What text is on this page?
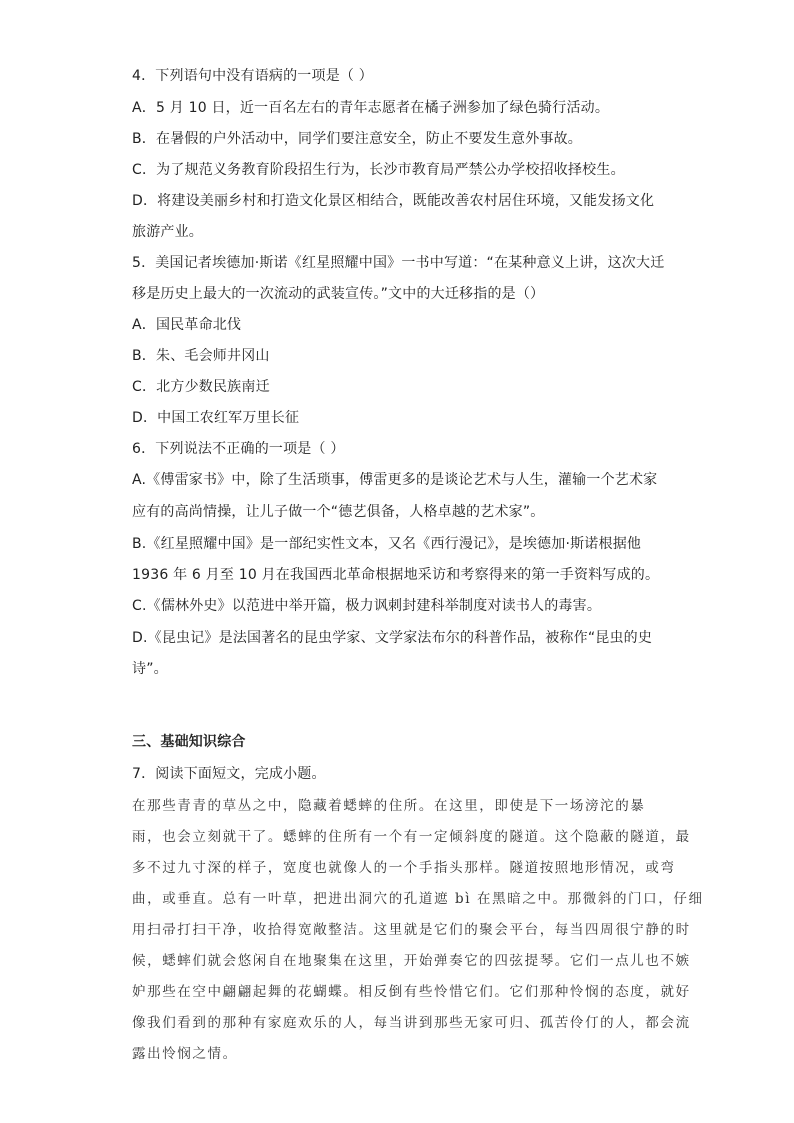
4．下列语句中没有语病的一项是（ ）
A．5 月 10 日，近一百名左右的青年志愿者在橘子洲参加了绿色骑行活动。
B．在暑假的户外活动中，同学们要注意安全，防止不要发生意外事故。
C．为了规范义务教育阶段招生行为，长沙市教育局严禁公办学校招收择校生。
D．将建设美丽乡村和打造文化景区相结合，既能改善农村居住环境，又能发扬文化
旅游产业。
5．美国记者埃德加·斯诺《红星照耀中国》一书中写道：“在某种意义上讲，这次大迁
移是历史上最大的一次流动的武装宣传。”文中的大迁移指的是（）
A．国民革命北伐
B．朱、毛会师井冈山
C．北方少数民族南迁
D．中国工农红军万里长征
6．下列说法不正确的一项是（ ）
A.《傅雷家书》中，除了生活琐事，傅雷更多的是谈论艺术与人生，灌输一个艺术家
应有的高尚情操，让儿子做一个“德艺俱备，人格卓越的艺术家”。
B.《红星照耀中国》是一部纪实性文本，又名《西行漫记》，是埃德加·斯诺根据他
1936 年 6 月至 10 月在我国西北革命根据地采访和考察得来的第一手资料写成的。
C.《儒林外史》以范进中举开篇，极力讽刺封建科举制度对读书人的毒害。
D.《昆虫记》是法国著名的昆虫学家、文学家法布尔的科普作品，被称作“昆虫的史
诗”。
三、基础知识综合
7．阅读下面短文，完成小题。
在那些青青的草丛之中，隐藏着蟋蟀的住所。在这里，即使是下一场滂沱的暴
雨，也会立刻就干了。蟋蟀的住所有一个有一定倾斜度的隧道。这个隐蔽的隧道，最
多不过九寸深的样子，宽度也就像人的一个手指头那样。隧道按照地形情况，或弯
曲，或垂直。总有一叶草，把进出洞穴的孔道遮 bì 在黑暗之中。那微斜的门口，仔细
用扫帚打扫干净，收拾得宽敞整洁。这里就是它们的聚会平台，每当四周很宁静的时
候，蟋蟀们就会悠闲自在地聚集在这里，开始弹奏它的四弦提琴。它们一点儿也不嫉
妒那些在空中翩翩起舞的花蝴蝶。相反倒有些怜惜它们。它们那种怜悯的态度，就好
像我们看到的那种有家庭欢乐的人，每当讲到那些无家可归、孤苦伶仃的人，都会流
露出怜悯之情。
